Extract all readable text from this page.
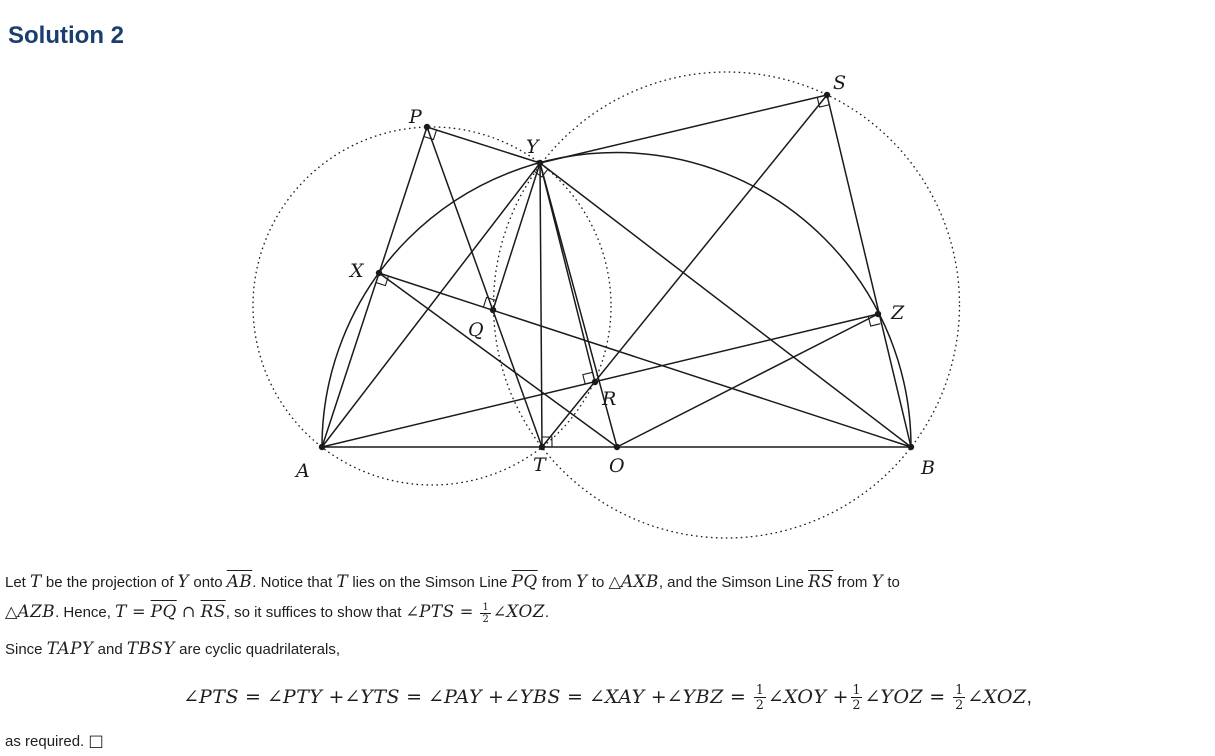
Solution 2
A	T	O	B
X
Y
P
S
Z
Q
R

Let T be the projection of Y onto $\overline{AB}$. Notice that T lies on the Simson Line $\overline{PQ}$ from Y to △AXB, and the Simson Line $\overline{RS}$ from Y to
△AZB. Hence, $T = \overline{PQ}$ ∩ $\overline{RS}$, so it suffices to show that ∠PTS = $\frac{1}{2}$ ∠XOZ.

Since TAPY and TBSY are cyclic quadrilaterals,

∠PTS = ∠PTY +∠YTS = ∠PAY +∠YBS = ∠XAY +∠YBZ = $\frac{1}{2}$ ∠XOY + $\frac{1}{2}$ ∠YOZ = $\frac{1}{2}$ ∠XOZ,

as required. □
